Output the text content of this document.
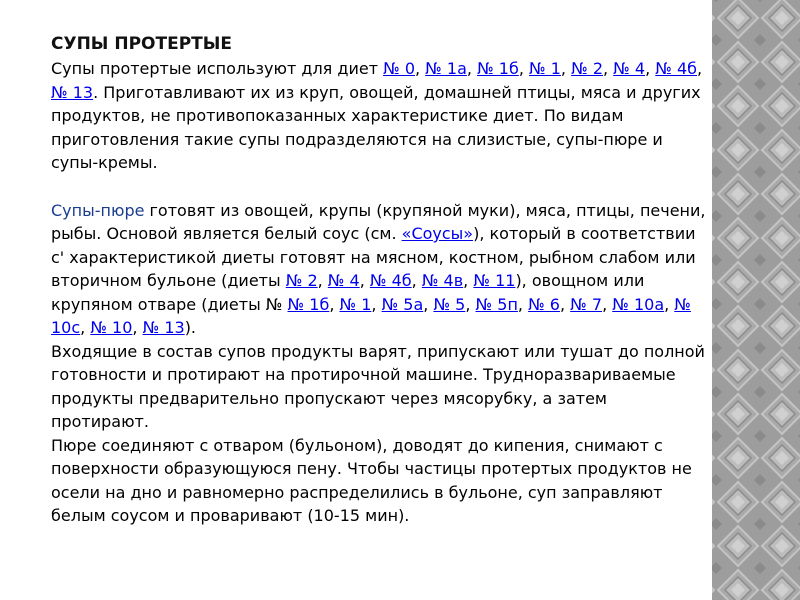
СУПЫ ПРОТЕРТЫЕ

Супы протертые используют для диет № 0, № 1а, № 1б, № 1, № 2, № 4, № 4б, № 13. Приготавливают их из круп, овощей, домашней птицы, мяса и других продуктов, не противопоказанных характеристике диет. По видам приготовления такие супы подразделяются на слизистые, супы-пюре и супы-кремы.

Супы-пюре готовят из овощей, крупы (крупяной муки), мяса, птицы, печени, рыбы. Основой является белый соус (см. «Соусы»), который в соответствии с' характеристикой диеты готовят на мясном, костном, рыбном слабом или вторичном бульоне (диеты № 2, № 4, № 4б, № 4в, № 11), овощном или крупяном отваре (диеты № № 1б, № 1, № 5а, № 5, № 5п, № 6, № 7, № 10а, № 10с, № 10, № 13).

Входящие в состав супов продукты варят, припускают или тушат до полной готовности и протирают на протирочной машине. Трудноразвариваемые продукты предварительно пропускают через мясорубку, а затем протирают.

Пюре соединяют с отваром (бульоном), доводят до кипения, снимают с поверхности образующуюся пену. Чтобы частицы протертых продуктов не осели на дно и равномерно распределились в бульоне, суп заправляют белым соусом и проваривают (10-15 мин).
